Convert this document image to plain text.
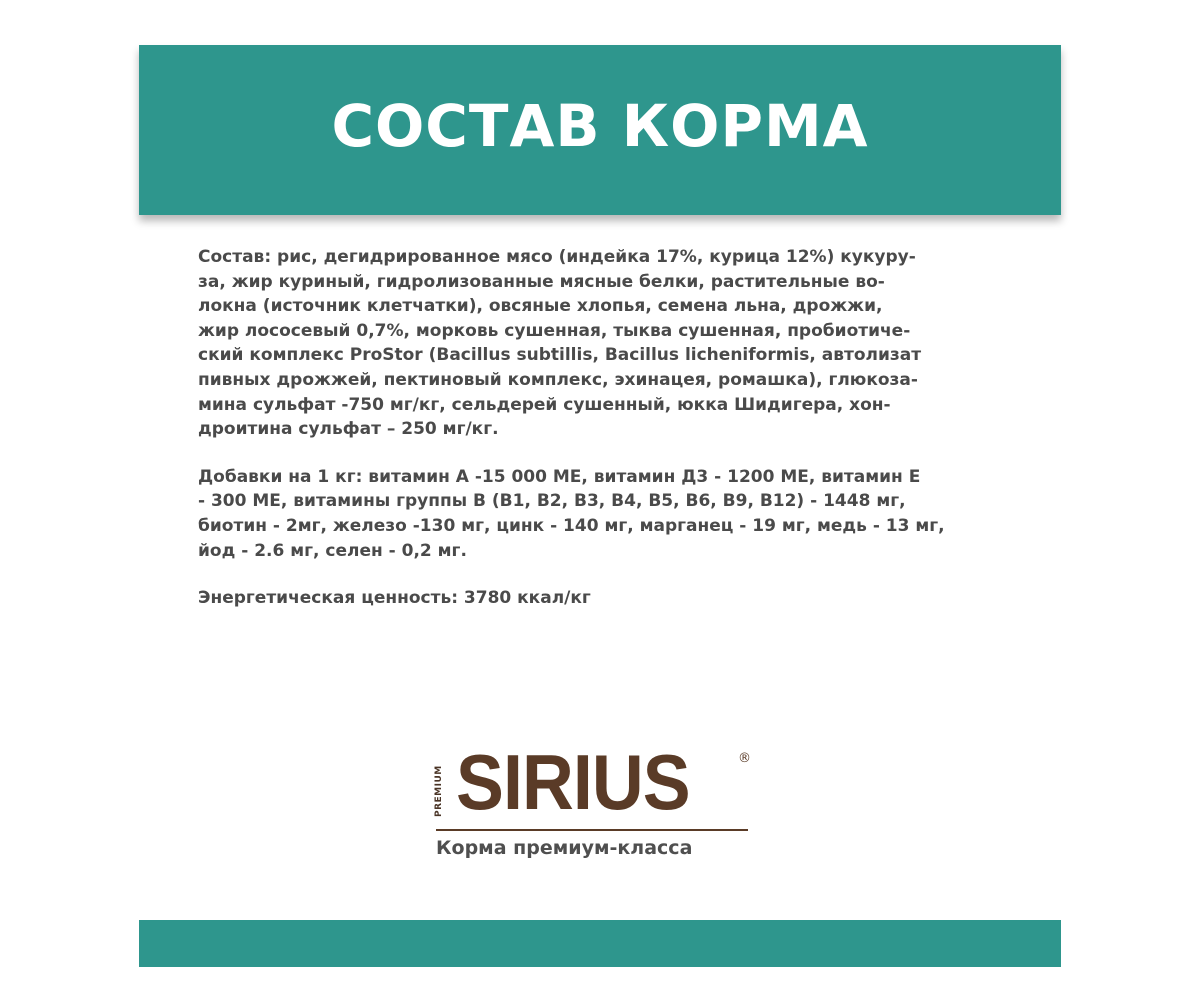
СОСТАВ КОРМА

Состав: рис, дегидрированное мясо (индейка 17%, курица 12%) кукуру-
за, жир куриный, гидролизованные мясные белки, растительные во-
локна (источник клетчатки), овсяные хлопья, семена льна, дрожжи,
жир лососевый 0,7%, морковь сушенная, тыква сушенная, пробиотиче-
ский комплекс ProStor (Bacillus subtillis, Bacillus licheniformis, автолизат
пивных дрожжей, пектиновый комплекс, эхинацея, ромашка), глюкоза-
мина сульфат -750 мг/кг, сельдерей сушенный, юкка Шидигера, хон-
дроитина сульфат – 250 мг/кг.

Добавки на 1 кг: витамин А -15 000 МЕ, витамин Д3 - 1200 МЕ, витамин Е
- 300 МЕ, витамины группы В (В1, В2, В3, В4, В5, В6, В9, В12) - 1448 мг,
биотин - 2мг, железо -130 мг, цинк - 140 мг, марганец - 19 мг, медь - 13 мг,
йод - 2.6 мг, селен - 0,2 мг.

Энергетическая ценность: 3780 ккал/кг

PREMIUM SIRIUS	®
Корма премиум-класса
